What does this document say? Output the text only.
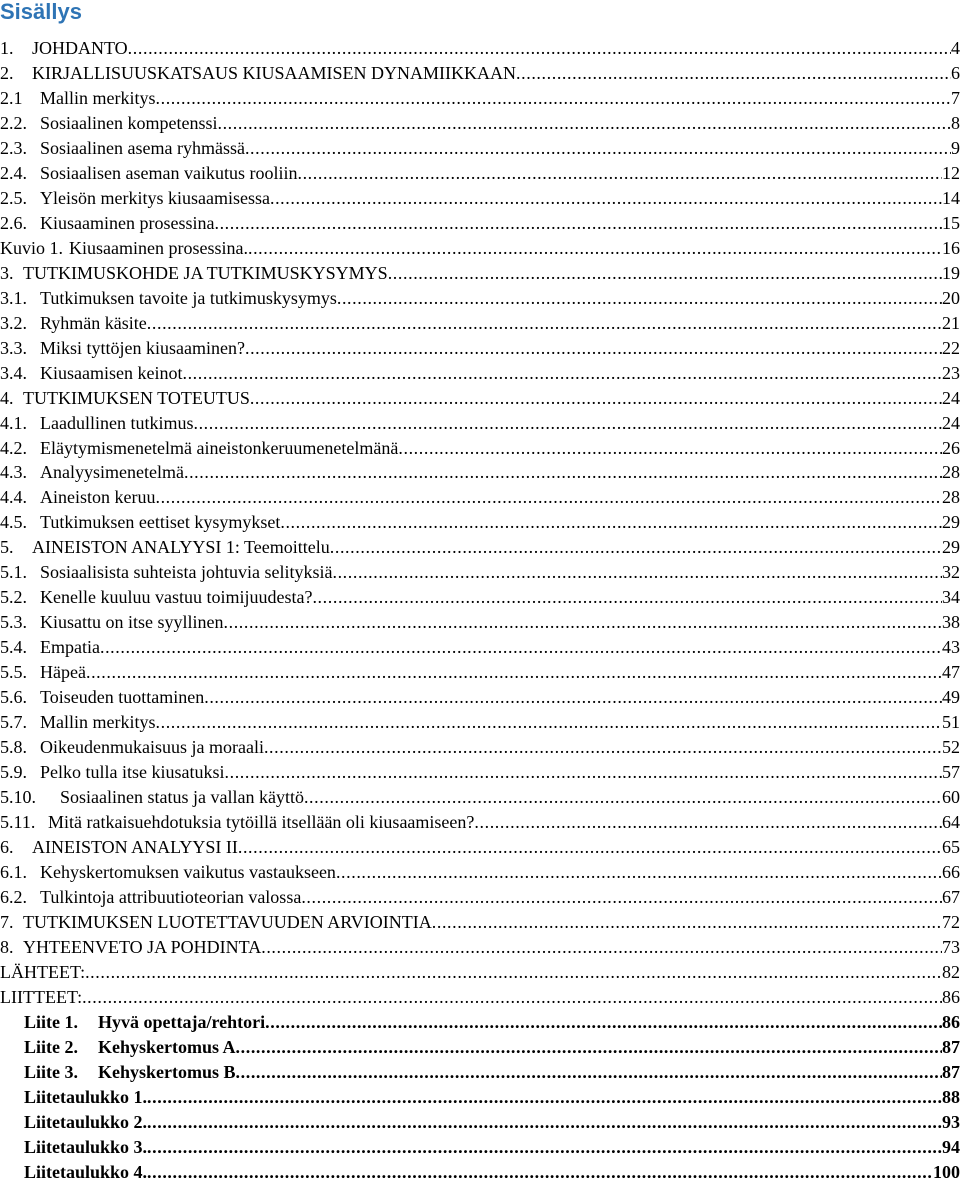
Sisällys
1.	JOHDANTO .....	4
2.	KIRJALLISUUSKATSAUS KIUSAAMISEN DYNAMIIKKAAN .....	6
2.1 Mallin merkitys .....	7
2.2. Sosiaalinen kompetenssi .....	8
2.3. Sosiaalinen asema ryhmässä .....	9
2.4. Sosiaalisen aseman vaikutus rooliin .....	12
2.5. Yleisön merkitys kiusaamisessa .....	14
2.6. Kiusaaminen prosessina .....	15
Kuvio 1. Kiusaaminen prosessina. .....	16
3. TUTKIMUSKOHDE JA TUTKIMUSKYSYMYS .....	19
3.1. Tutkimuksen tavoite ja tutkimuskysymys .....	20
3.2. Ryhmän käsite .....	21
3.3. Miksi tyttöjen kiusaaminen? .....	22
3.4. Kiusaamisen keinot .....	23
4. TUTKIMUKSEN TOTEUTUS .....	24
4.1. Laadullinen tutkimus .....	24
4.2. Eläytymismenetelmä aineistonkeruumenetelmänä .....	26
4.3. Analyysimenetelmä .....	28
4.4. Aineiston keruu .....	28
4.5. Tutkimuksen eettiset kysymykset .....	29
5.	AINEISTON ANALYYSI 1: Teemoittelu .....	29
5.1. Sosiaalisista suhteista johtuvia selityksiä .....	32
5.2. Kenelle kuuluu vastuu toimijuudesta? .....	34
5.3. Kiusattu on itse syyllinen .....	38
5.4. Empatia .....	43
5.5. Häpeä .....	47
5.6. Toiseuden tuottaminen .....	49
5.7. Mallin merkitys .....	51
5.8. Oikeudenmukaisuus ja moraali .....	52
5.9. Pelko tulla itse kiusatuksi .....	57
5.10.	Sosiaalinen status ja vallan käyttö .....	60
5.11. Mitä ratkaisuehdotuksia tytöillä itsellään oli kiusaamiseen? .....	64
6.	AINEISTON ANALYYSI II .....	65
6.1. Kehyskertomuksen vaikutus vastaukseen .....	66
6.2. Tulkintoja attribuutioteorian valossa .....	67
7. TUTKIMUKSEN LUOTETTAVUUDEN ARVIOINTIA .....	72
8. YHTEENVETO JA POHDINTA .....	73
LÄHTEET: .....	82
LIITTEET: .....	86
Liite 1.	Hyvä opettaja/rehtori .....	86
Liite 2.	Kehyskertomus A .....	87
Liite 3.	Kehyskertomus B .....	87
Liitetaulukko 1. .....	88
Liitetaulukko 2. .....	93
Liitetaulukko 3. .....	94
Liitetaulukko 4. .....	100
